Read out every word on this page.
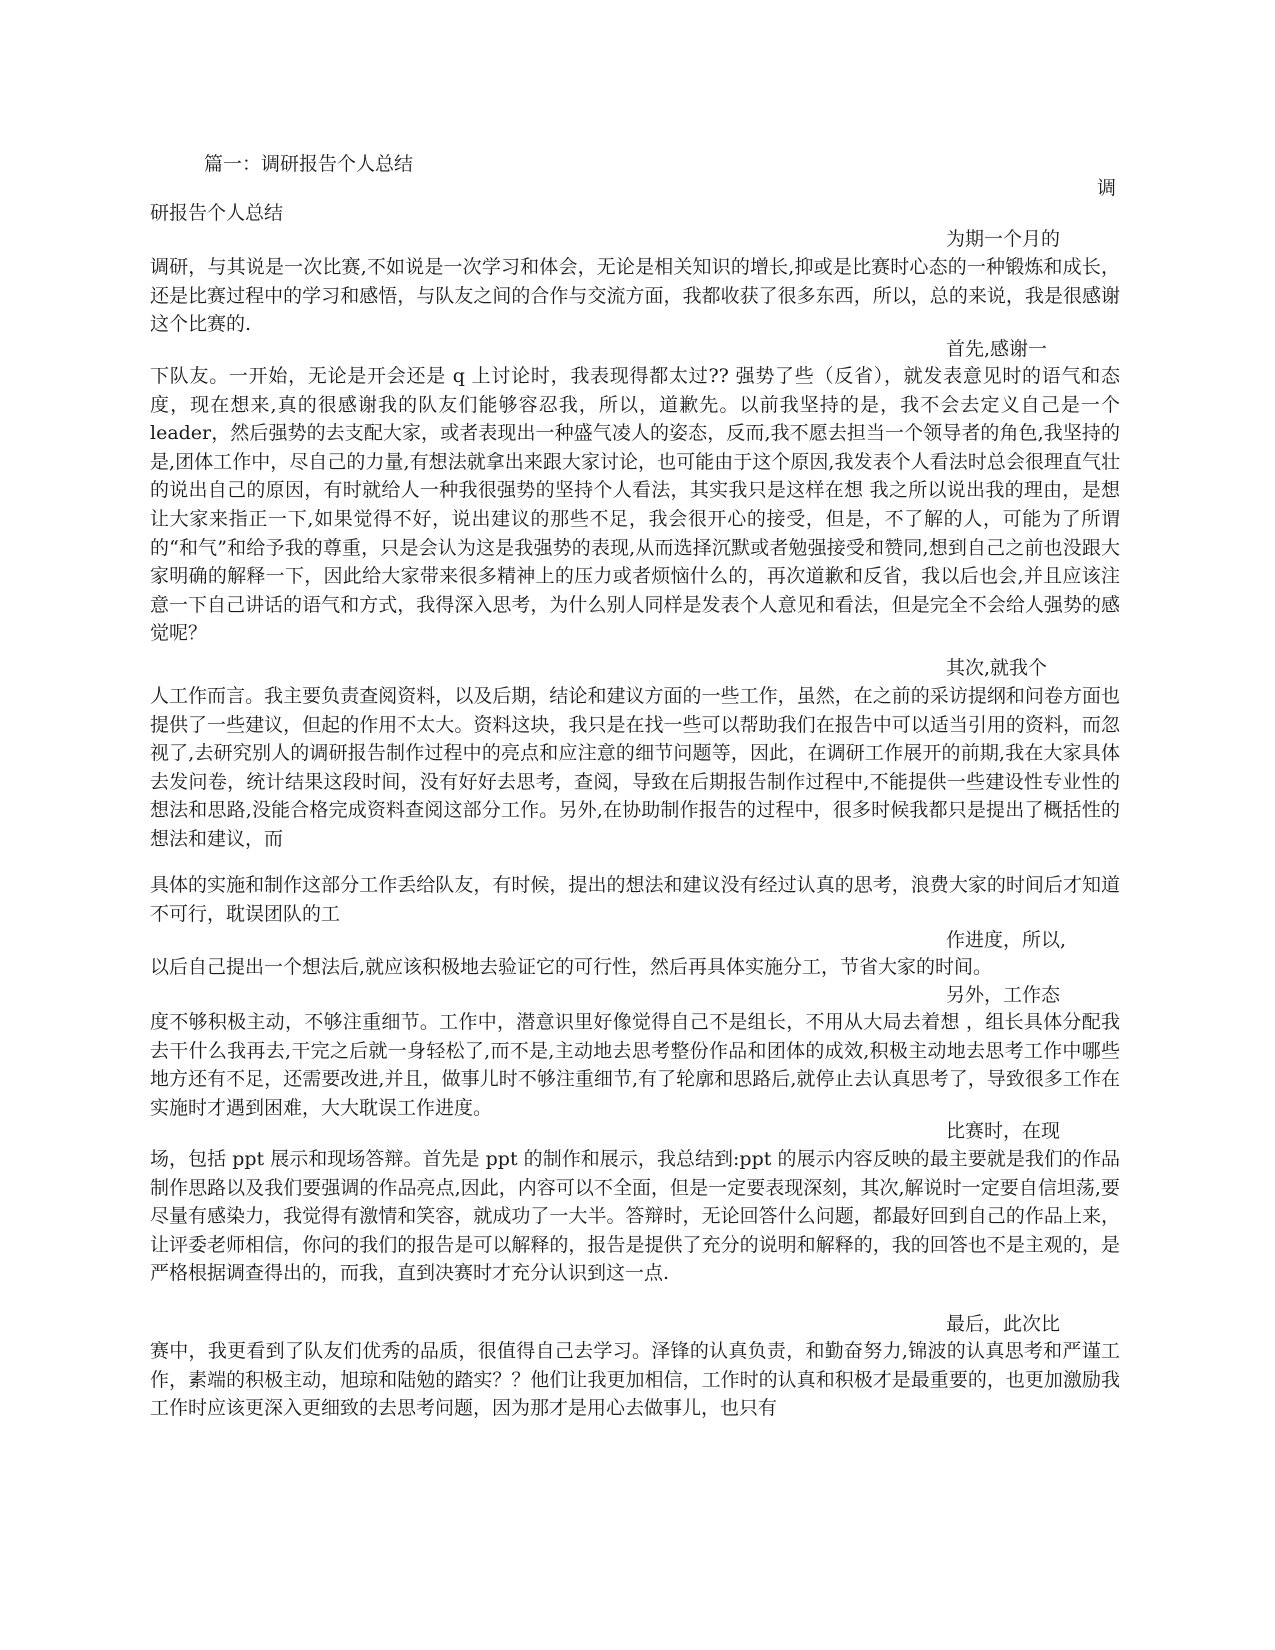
篇一：调研报告个人总结
调
研报告个人总结
为期一个月的

调研，与其说是一次比赛,不如说是一次学习和体会，无论是相关知识的增长,抑或是比赛时心态的一种锻炼和成长，还是比赛过程中的学习和感悟，与队友之间的合作与交流方面，我都收获了很多东西，所以，总的来说，我是很感谢这个比赛的.

首先,感谢一

下队友。一开始，无论是开会还是 q 上讨论时，我表现得都太过?? 强势了些（反省），就发表意见时的语气和态度，现在想来,真的很感谢我的队友们能够容忍我，所以，道歉先。以前我坚持的是，我不会去定义自己是一个 leader，然后强势的去支配大家，或者表现出一种盛气凌人的姿态，反而,我不愿去担当一个领导者的角色,我坚持的是,团体工作中，尽自己的力量,有想法就拿出来跟大家讨论，也可能由于这个原因,我发表个人看法时总会很理直气壮的说出自己的原因，有时就给人一种我很强势的坚持个人看法，其实我只是这样在想 我之所以说出我的理由，是想让大家来指正一下,如果觉得不好，说出建议的那些不足，我会很开心的接受，但是，不了解的人，可能为了所谓的“和气”和给予我的尊重，只是会认为这是我强势的表现,从而选择沉默或者勉强接受和赞同,想到自己之前也没跟大家明确的解释一下，因此给大家带来很多精神上的压力或者烦恼什么的，再次道歉和反省，我以后也会,并且应该注意一下自己讲话的语气和方式，我得深入思考，为什么别人同样是发表个人意见和看法，但是完全不会给人强势的感觉呢？

其次,就我个

人工作而言。我主要负责查阅资料，以及后期，结论和建议方面的一些工作，虽然，在之前的采访提纲和问卷方面也提供了一些建议，但起的作用不太大。资料这块，我只是在找一些可以帮助我们在报告中可以适当引用的资料，而忽视了,去研究别人的调研报告制作过程中的亮点和应注意的细节问题等，因此，在调研工作展开的前期,我在大家具体去发问卷，统计结果这段时间，没有好好去思考，查阅，导致在后期报告制作过程中,不能提供一些建设性专业性的想法和思路,没能合格完成资料查阅这部分工作。另外,在协助制作报告的过程中，很多时候我都只是提出了概括性的想法和建议，而

具体的实施和制作这部分工作丢给队友，有时候，提出的想法和建议没有经过认真的思考，浪费大家的时间后才知道不可行，耽误团队的工

作进度，所以,

以后自己提出一个想法后,就应该积极地去验证它的可行性，然后再具体实施分工，节省大家的时间。

另外，工作态

度不够积极主动，不够注重细节。工作中，潜意识里好像觉得自己不是组长，不用从大局去着想 ，组长具体分配我去干什么我再去,干完之后就一身轻松了,而不是,主动地去思考整份作品和团体的成效,积极主动地去思考工作中哪些地方还有不足，还需要改进,并且，做事儿时不够注重细节,有了轮廓和思路后,就停止去认真思考了，导致很多工作在实施时才遇到困难，大大耽误工作进度。

比赛时，在现

场，包括 ppt 展示和现场答辩。首先是 ppt 的制作和展示，我总结到:ppt 的展示内容反映的最主要就是我们的作品制作思路以及我们要强调的作品亮点,因此，内容可以不全面，但是一定要表现深刻，其次,解说时一定要自信坦荡,要尽量有感染力，我觉得有激情和笑容，就成功了一大半。答辩时，无论回答什么问题，都最好回到自己的作品上来，让评委老师相信，你问的我们的报告是可以解释的，报告是提供了充分的说明和解释的，我的回答也不是主观的，是严格根据调查得出的，而我，直到决赛时才充分认识到这一点.

最后，此次比

赛中，我更看到了队友们优秀的品质，很值得自己去学习。泽锋的认真负责，和勤奋努力,锦波的认真思考和严谨工作，素端的积极主动，旭琼和陆勉的踏实？？他们让我更加相信，工作时的认真和积极才是最重要的，也更加激励我工作时应该更深入更细致的去思考问题，因为那才是用心去做事儿，也只有
